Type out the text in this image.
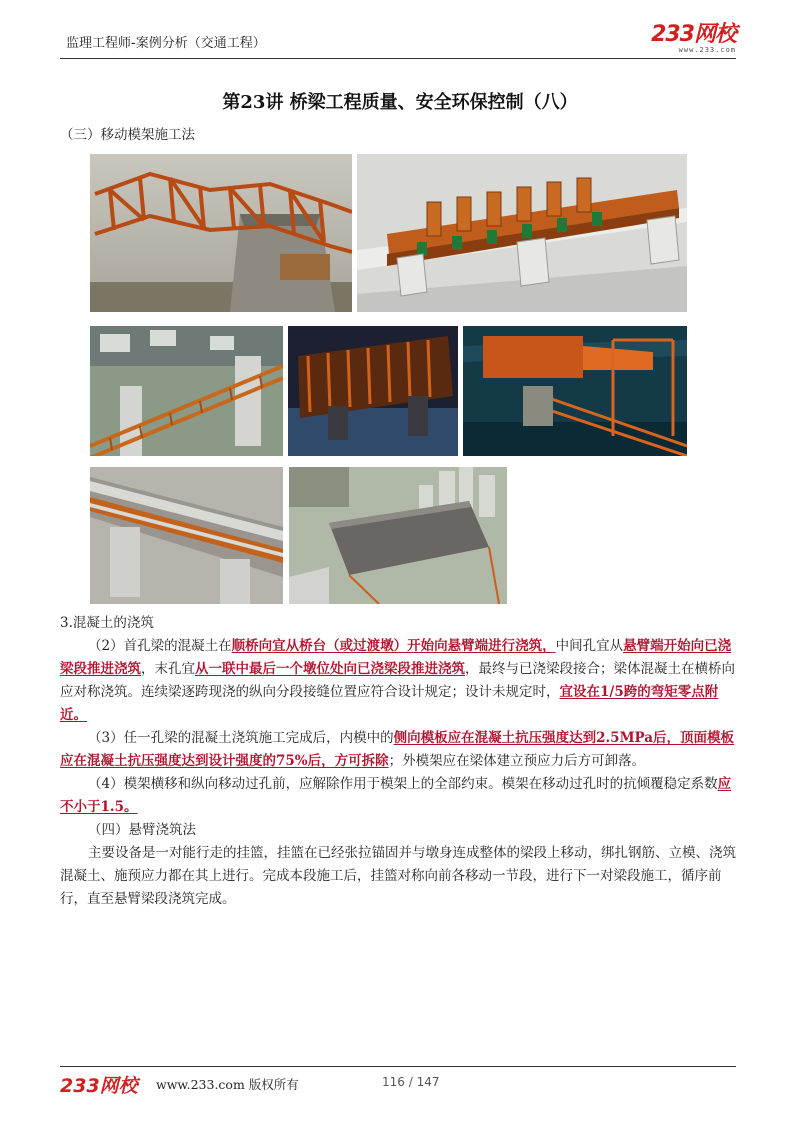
监理工程师-案例分析（交通工程）	233网校
www.233.com
第23讲 桥梁工程质量、安全环保控制（八）
（三）移动模架施工法
3.混凝土的浇筑
（2）首孔梁的混凝土在顺桥向宜从桥台（或过渡墩）开始向悬臂端进行浇筑，中间孔宜从悬臂端开始向已浇梁段推进浇筑，末孔宜从一联中最后一个墩位处向已浇梁段推进浇筑，最终与已浇梁段接合；梁体混凝土在横桥向应对称浇筑。连续梁逐跨现浇的纵向分段接缝位置应符合设计规定；设计未规定时，宜设在1/5跨的弯矩零点附近。
（3）任一孔梁的混凝土浇筑施工完成后，内模中的侧向模板应在混凝土抗压强度达到2.5MPa后，顶面模板应在混凝土抗压强度达到设计强度的75%后，方可拆除；外模架应在梁体建立预应力后方可卸落。
（4）模架横移和纵向移动过孔前，应解除作用于模架上的全部约束。模架在移动过孔时的抗倾覆稳定系数应不小于1.5。
（四）悬臂浇筑法
主要设备是一对能行走的挂篮，挂篮在已经张拉锚固并与墩身连成整体的梁段上移动，绑扎钢筋、立模、浇筑混凝土、施预应力都在其上进行。完成本段施工后，挂篮对称向前各移动一节段，进行下一对梁段施工，循序前行，直至悬臂梁段浇筑完成。
233网校 www.233.com 版权所有	116 / 147
